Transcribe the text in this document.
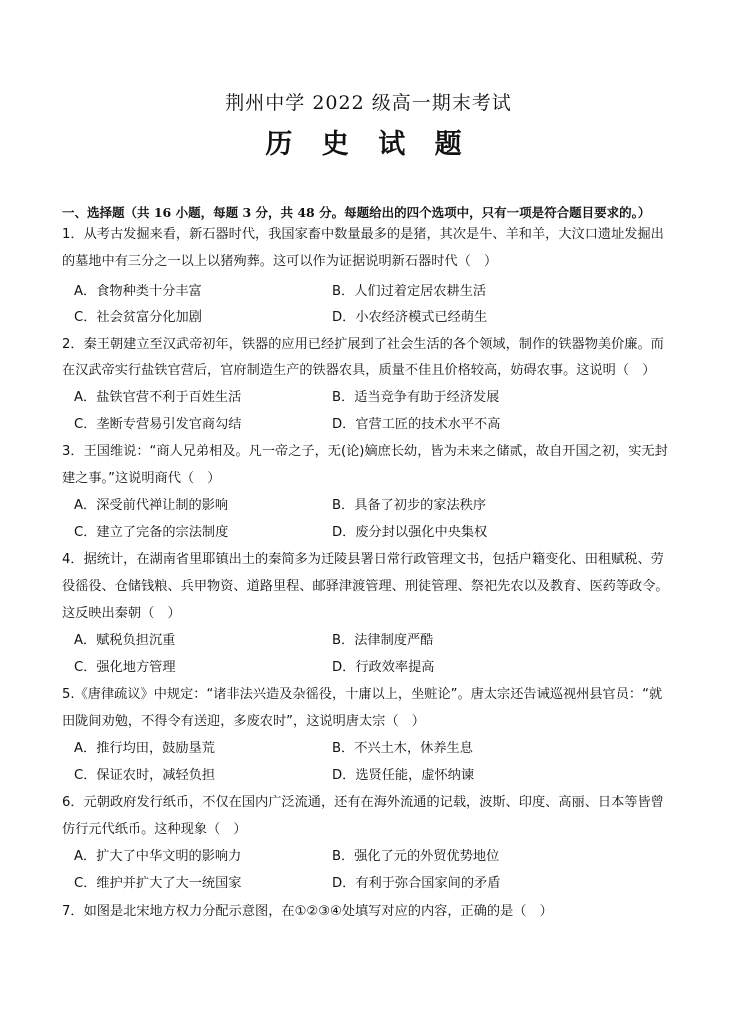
荆州中学 2022 级高一期末考试
历 史 试 题
一、选择题（共 16 小题，每题 3 分，共 48 分。每题给出的四个选项中，只有一项是符合题目要求的。）
1．从考古发掘来看，新石器时代，我国家畜中数量最多的是猪，其次是牛、羊和羊，大汶口遗址发掘出
的墓地中有三分之一以上以猪殉葬。这可以作为证据说明新石器时代（　）
A．食物种类十分丰富	B．人们过着定居农耕生活
C．社会贫富分化加剧	D．小农经济模式已经萌生
2．秦王朝建立至汉武帝初年，铁器的应用已经扩展到了社会生活的各个领域，制作的铁器物美价廉。而
在汉武帝实行盐铁官营后，官府制造生产的铁器农具，质量不佳且价格较高，妨碍农事。这说明（　）
A．盐铁官营不利于百姓生活	B．适当竞争有助于经济发展
C．垄断专营易引发官商勾结	D．官营工匠的技术水平不高
3．王国维说：“商人兄弟相及。凡一帝之子，无(论)嫡庶长幼，皆为未来之储贰，故自开国之初，实无封
建之事。”这说明商代（　）
A．深受前代禅让制的影响	B．具备了初步的家法秩序
C．建立了完备的宗法制度	D．废分封以强化中央集权
4．据统计，在湖南省里耶镇出土的秦简多为迁陵县署日常行政管理文书，包括户籍变化、田租赋税、劳
役徭役、仓储钱粮、兵甲物资、道路里程、邮驿津渡管理、刑徒管理、祭祀先农以及教育、医药等政令。
这反映出秦朝（　）
A．赋税负担沉重	B．法律制度严酷
C．强化地方管理	D．行政效率提高
5.《唐律疏议》中规定：“诸非法兴造及杂徭役，十庸以上，坐赃论”。唐太宗还告诫巡视州县官员：“就
田陇间劝勉，不得令有送迎，多废农时”，这说明唐太宗（　）
A．推行均田，鼓励垦荒	B．不兴土木，休养生息
C．保证农时，减轻负担	D．选贤任能，虚怀纳谏
6．元朝政府发行纸币，不仅在国内广泛流通，还有在海外流通的记载，波斯、印度、高丽、日本等皆曾
仿行元代纸币。这种现象（　）
A．扩大了中华文明的影响力	B．强化了元的外贸优势地位
C．维护并扩大了大一统国家	D．有利于弥合国家间的矛盾
7．如图是北宋地方权力分配示意图，在①②③④处填写对应的内容，正确的是（　）
